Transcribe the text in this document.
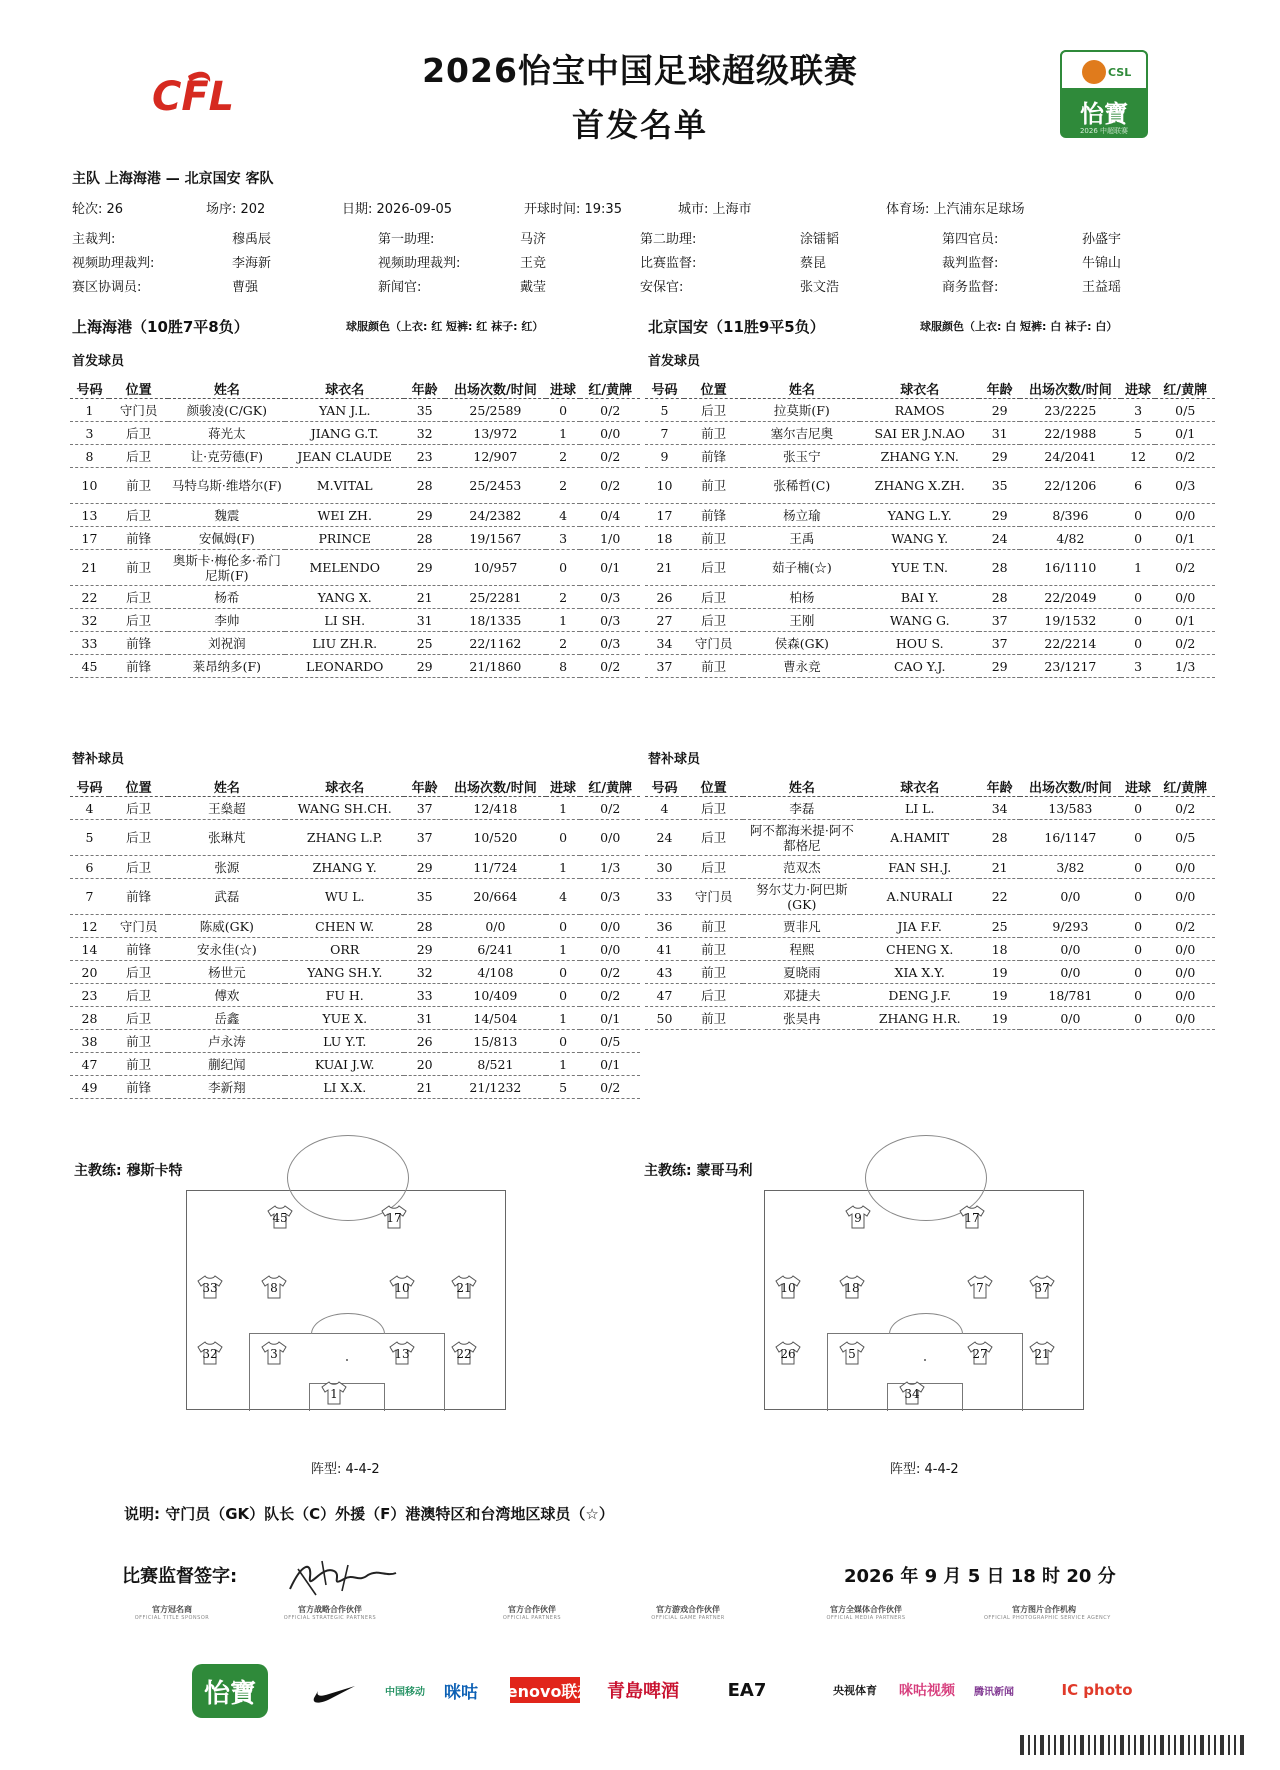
CFL
2026怡宝中国足球超级联赛
首发名单
CSL
怡寶
2026 中超联赛
主队 上海海港 — 北京国安 客队
轮次: 26	场序: 202	日期: 2026-09-05	开球时间: 19:35	城市: 上海市	体育场: 上汽浦东足球场
主裁判:	穆禹辰	第一助理:	马济	第二助理:	涂镭韬	第四官员:	孙盛宇
视频助理裁判:	李海新	视频助理裁判:	王竞	比赛监督:	蔡昆	裁判监督:	牛锦山
赛区协调员:	曹强	新闻官:	戴莹	安保官:	张文浩	商务监督:	王益瑶
上海海港（10胜7平8负）	球服颜色（上衣: 红 短裤: 红 袜子: 红）	北京国安（11胜9平5负）	球服颜色（上衣: 白 短裤: 白 袜子: 白）
首发球员	首发球员
替补球员	替补球员
号码	位置	姓名	球衣名	年龄	出场次数/时间	进球	红/黄牌
1	守门员	颜骏凌(C/GK)	YAN J.L.	35	25/2589	0	0/2
3	后卫	蒋光太	JIANG G.T.	32	13/972	1	0/0
8	后卫	让·克劳德(F)	JEAN CLAUDE	23	12/907	2	0/2
10	前卫	马特乌斯·维塔尔(F)	M.VITAL	28	25/2453	2	0/2
13	后卫	魏震	WEI ZH.	29	24/2382	4	0/4
17	前锋	安佩姆(F)	PRINCE	28	19/1567	3	1/0
21	前卫	奥斯卡·梅伦多·希门尼斯(F)	MELENDO	29	10/957	0	0/1
22	后卫	杨希	YANG X.	21	25/2281	2	0/3
32	后卫	李帅	LI SH.	31	18/1335	1	0/3
33	前锋	刘祝润	LIU ZH.R.	25	22/1162	2	0/3
45	前锋	莱昂纳多(F)	LEONARDO	29	21/1860	8	0/2
号码	位置	姓名	球衣名	年龄	出场次数/时间	进球	红/黄牌
5	后卫	拉莫斯(F)	RAMOS	29	23/2225	3	0/5
7	前卫	塞尔吉尼奥	SAI ER J.N.AO	31	22/1988	5	0/1
9	前锋	张玉宁	ZHANG Y.N.	29	24/2041	12	0/2
10	前卫	张稀哲(C)	ZHANG X.ZH.	35	22/1206	6	0/3
17	前锋	杨立瑜	YANG L.Y.	29	8/396	0	0/0
18	前卫	王禹	WANG Y.	24	4/82	0	0/1
21	后卫	茹子楠(☆)	YUE T.N.	28	16/1110	1	0/2
26	后卫	柏杨	BAI Y.	28	22/2049	0	0/0
27	后卫	王刚	WANG G.	37	19/1532	0	0/1
34	守门员	侯森(GK)	HOU S.	37	22/2214	0	0/2
37	前卫	曹永竞	CAO Y.J.	29	23/1217	3	1/3
号码	位置	姓名	球衣名	年龄	出场次数/时间	进球	红/黄牌
4	后卫	王燊超	WANG SH.CH.	37	12/418	1	0/2
5	后卫	张琳芃	ZHANG L.P.	37	10/520	0	0/0
6	后卫	张源	ZHANG Y.	29	11/724	1	1/3
7	前锋	武磊	WU L.	35	20/664	4	0/3
12	守门员	陈威(GK)	CHEN W.	28	0/0	0	0/0
14	前锋	安永佳(☆)	ORR	29	6/241	1	0/0
20	后卫	杨世元	YANG SH.Y.	32	4/108	0	0/2
23	后卫	傅欢	FU H.	33	10/409	0	0/2
28	后卫	岳鑫	YUE X.	31	14/504	1	0/1
38	前卫	卢永涛	LU Y.T.	26	15/813	0	0/5
47	前卫	蒯纪闻	KUAI J.W.	20	8/521	1	0/1
49	前锋	李新翔	LI X.X.	21	21/1232	5	0/2
号码	位置	姓名	球衣名	年龄	出场次数/时间	进球	红/黄牌
4	后卫	李磊	LI L.	34	13/583	0	0/2
24	后卫	阿不都海米提·阿不都格尼	A.HAMIT	28	16/1147	0	0/5
30	后卫	范双杰	FAN SH.J.	21	3/82	0	0/0
33	守门员	努尔艾力·阿巴斯(GK)	A.NURALI	22	0/0	0	0/0
36	前卫	贾非凡	JIA F.F.	25	9/293	0	0/2
41	前卫	程熙	CHENG X.	18	0/0	0	0/0
43	前卫	夏晓雨	XIA X.Y.	19	0/0	0	0/0
47	后卫	邓捷夫	DENG J.F.	19	18/781	0	0/0
50	前卫	张昊冉	ZHANG H.R.	19	0/0	0	0/0
主教练: 穆斯卡特	主教练: 蒙哥马利
45	17
33	8	10	21
32	3	13	22
1
9	17
10	18	7	37
26	5	27	21
34
阵型: 4-4-2	阵型: 4-4-2
说明: 守门员（GK）队长（C）外援（F）港澳特区和台湾地区球员（☆）
比赛监督签字:	2026 年 9 月 5 日 18 时 20 分
官方冠名商
OFFICIAL TITLE SPONSOR
官方战略合作伙伴
OFFICIAL STRATEGIC PARTNERS
官方合作伙伴
OFFICIAL PARTNERS
官方游戏合作伙伴
OFFICIAL GAME PARTNER
官方全媒体合作伙伴
OFFICIAL MEDIA PARTNERS
官方图片合作机构
OFFICIAL PHOTOGRAPHIC SERVICE AGENCY
怡寶	中国移动	咪咕	Lenovo联想 青島啤酒	EA7	央视体育	咪咕视频	腾讯新闻	IC photo
